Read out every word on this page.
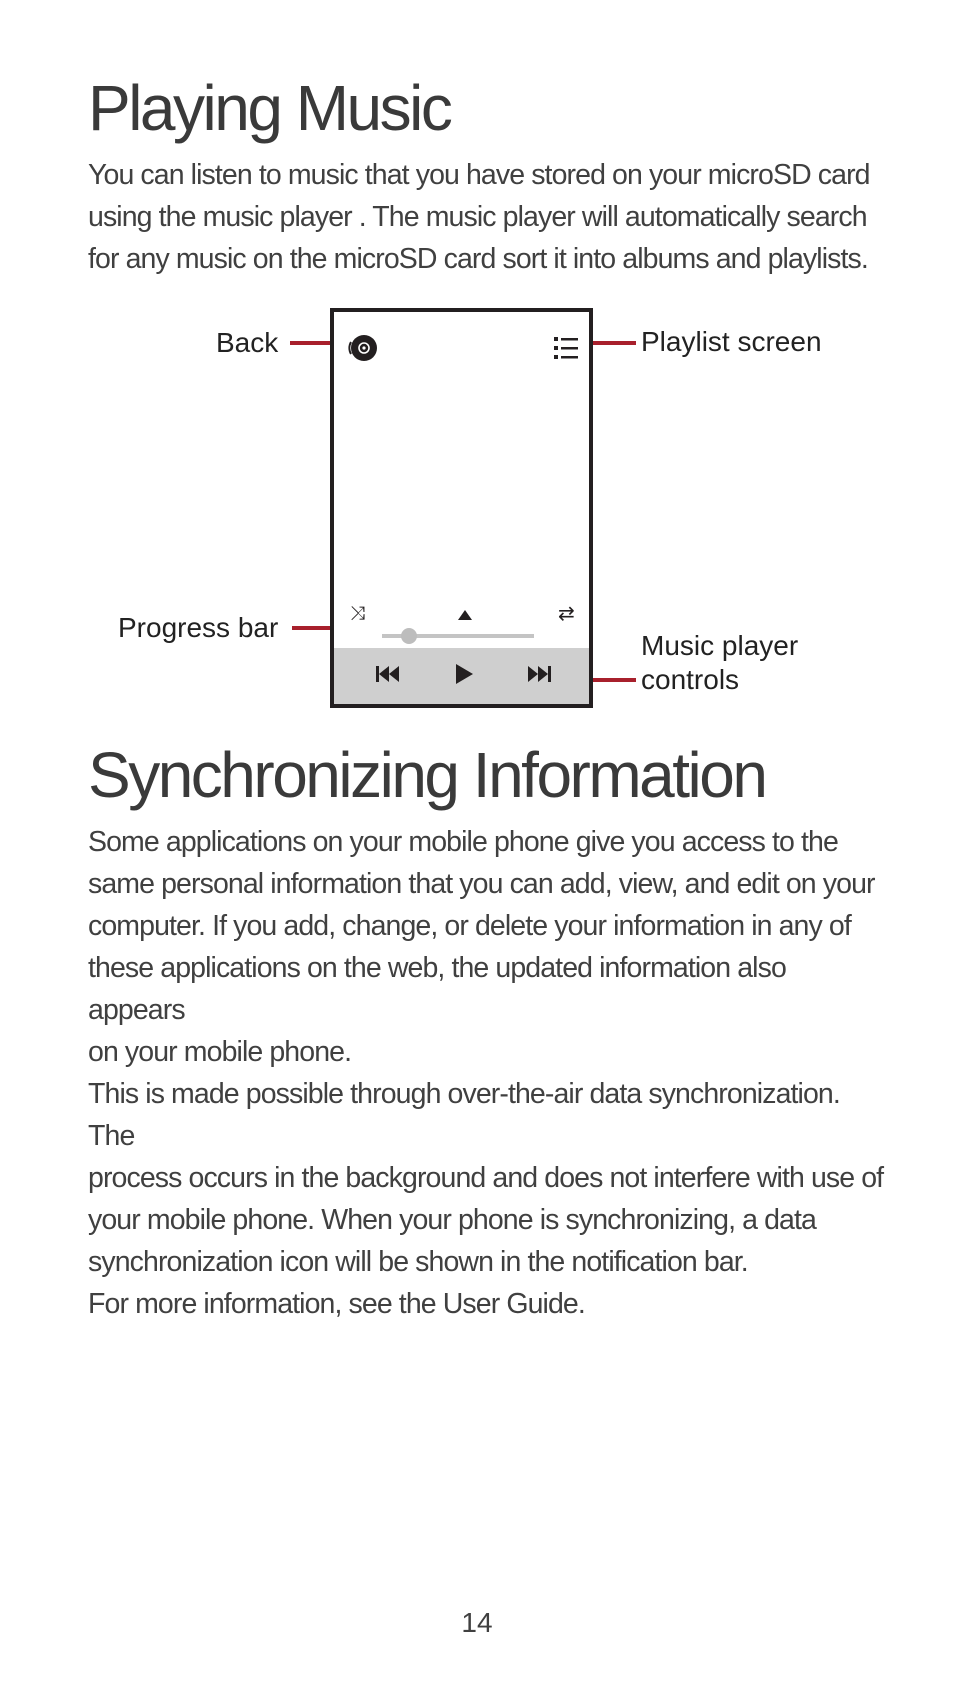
Playing Music
You can listen to music that you have stored on your microSD card
using the music player . The music player will automatically search
for any music on the microSD card sort it into albums and playlists.
Back	Playlist screen
Progress bar
Music player
controls
⤨	⇄
Synchronizing Information
Some applications on your mobile phone give you access to the
same personal information that you can add, view, and edit on your
computer. If you add, change, or delete your information in any of
these applications on the web, the updated information also appears
on your mobile phone.
This is made possible through over-the-air data synchronization. The
process occurs in the background and does not interfere with use of
your mobile phone. When your phone is synchronizing, a data
synchronization icon will be shown in the notification bar.
For more information, see the User Guide.
14
